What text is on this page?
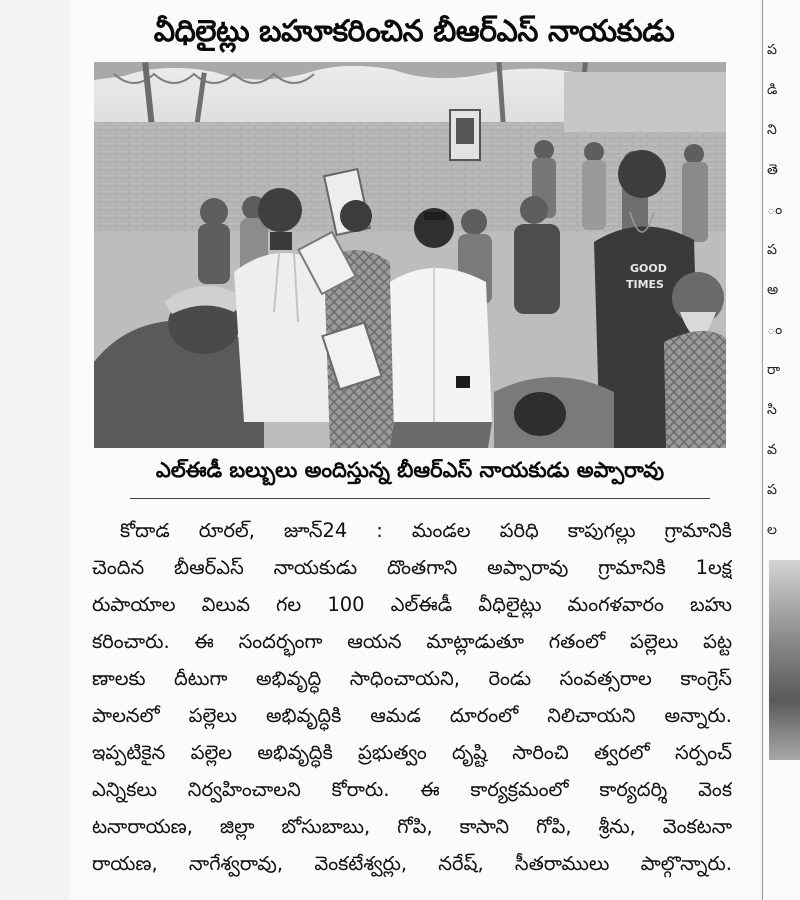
వీధిలైట్లు బహూకరించిన బీఆర్ఎస్ నాయకుడు
GOOD
TIMES
ఎల్ఈడీ బల్బులు అందిస్తున్న బీఆర్ఎస్ నాయకుడు అప్పారావు
కోదాడ రూరల్, జూన్24 : మండల పరిధి కాపుగల్లు గ్రామానికి
చెందిన బీఆర్ఎస్ నాయకుడు దొంతగాని అప్పారావు గ్రామానికి 1లక్ష
రుపాయాల విలువ గల 100 ఎల్ఈడీ వీధిలైట్లు మంగళవారం బహు
కరించారు. ఈ సందర్భంగా ఆయన మాట్లాడుతూ గతంలో పల్లెలు పట్ట
ణాలకు దీటుగా అభివృద్ధి సాధించాయని, రెండు సంవత్సరాల కాంగ్రెస్
పాలనలో పల్లెలు అభివృద్ధికి ఆమడ దూరంలో నిలిచాయని అన్నారు.
ఇప్పటికైన పల్లెల అభివృద్ధికి ప్రభుత్వం దృష్టి సారించి త్వరలో సర్పంచ్
ఎన్నికలు నిర్వహించాలని కోరారు. ఈ కార్యక్రమంలో కార్యదర్శి వెంక
టనారాయణ, జిల్లా బోసుబాబు, గోపి, కాసాని గోపి, శ్రీను, వెంకటనా
రాయణ, నాగేశ్వరావు, వెంకటేశ్వర్లు, నరేష్, సీతరాములు పాల్గొన్నారు.
ప
డి
ని
తె
ం
ప
అ
ం
రా
సి
వ
ప
ల
